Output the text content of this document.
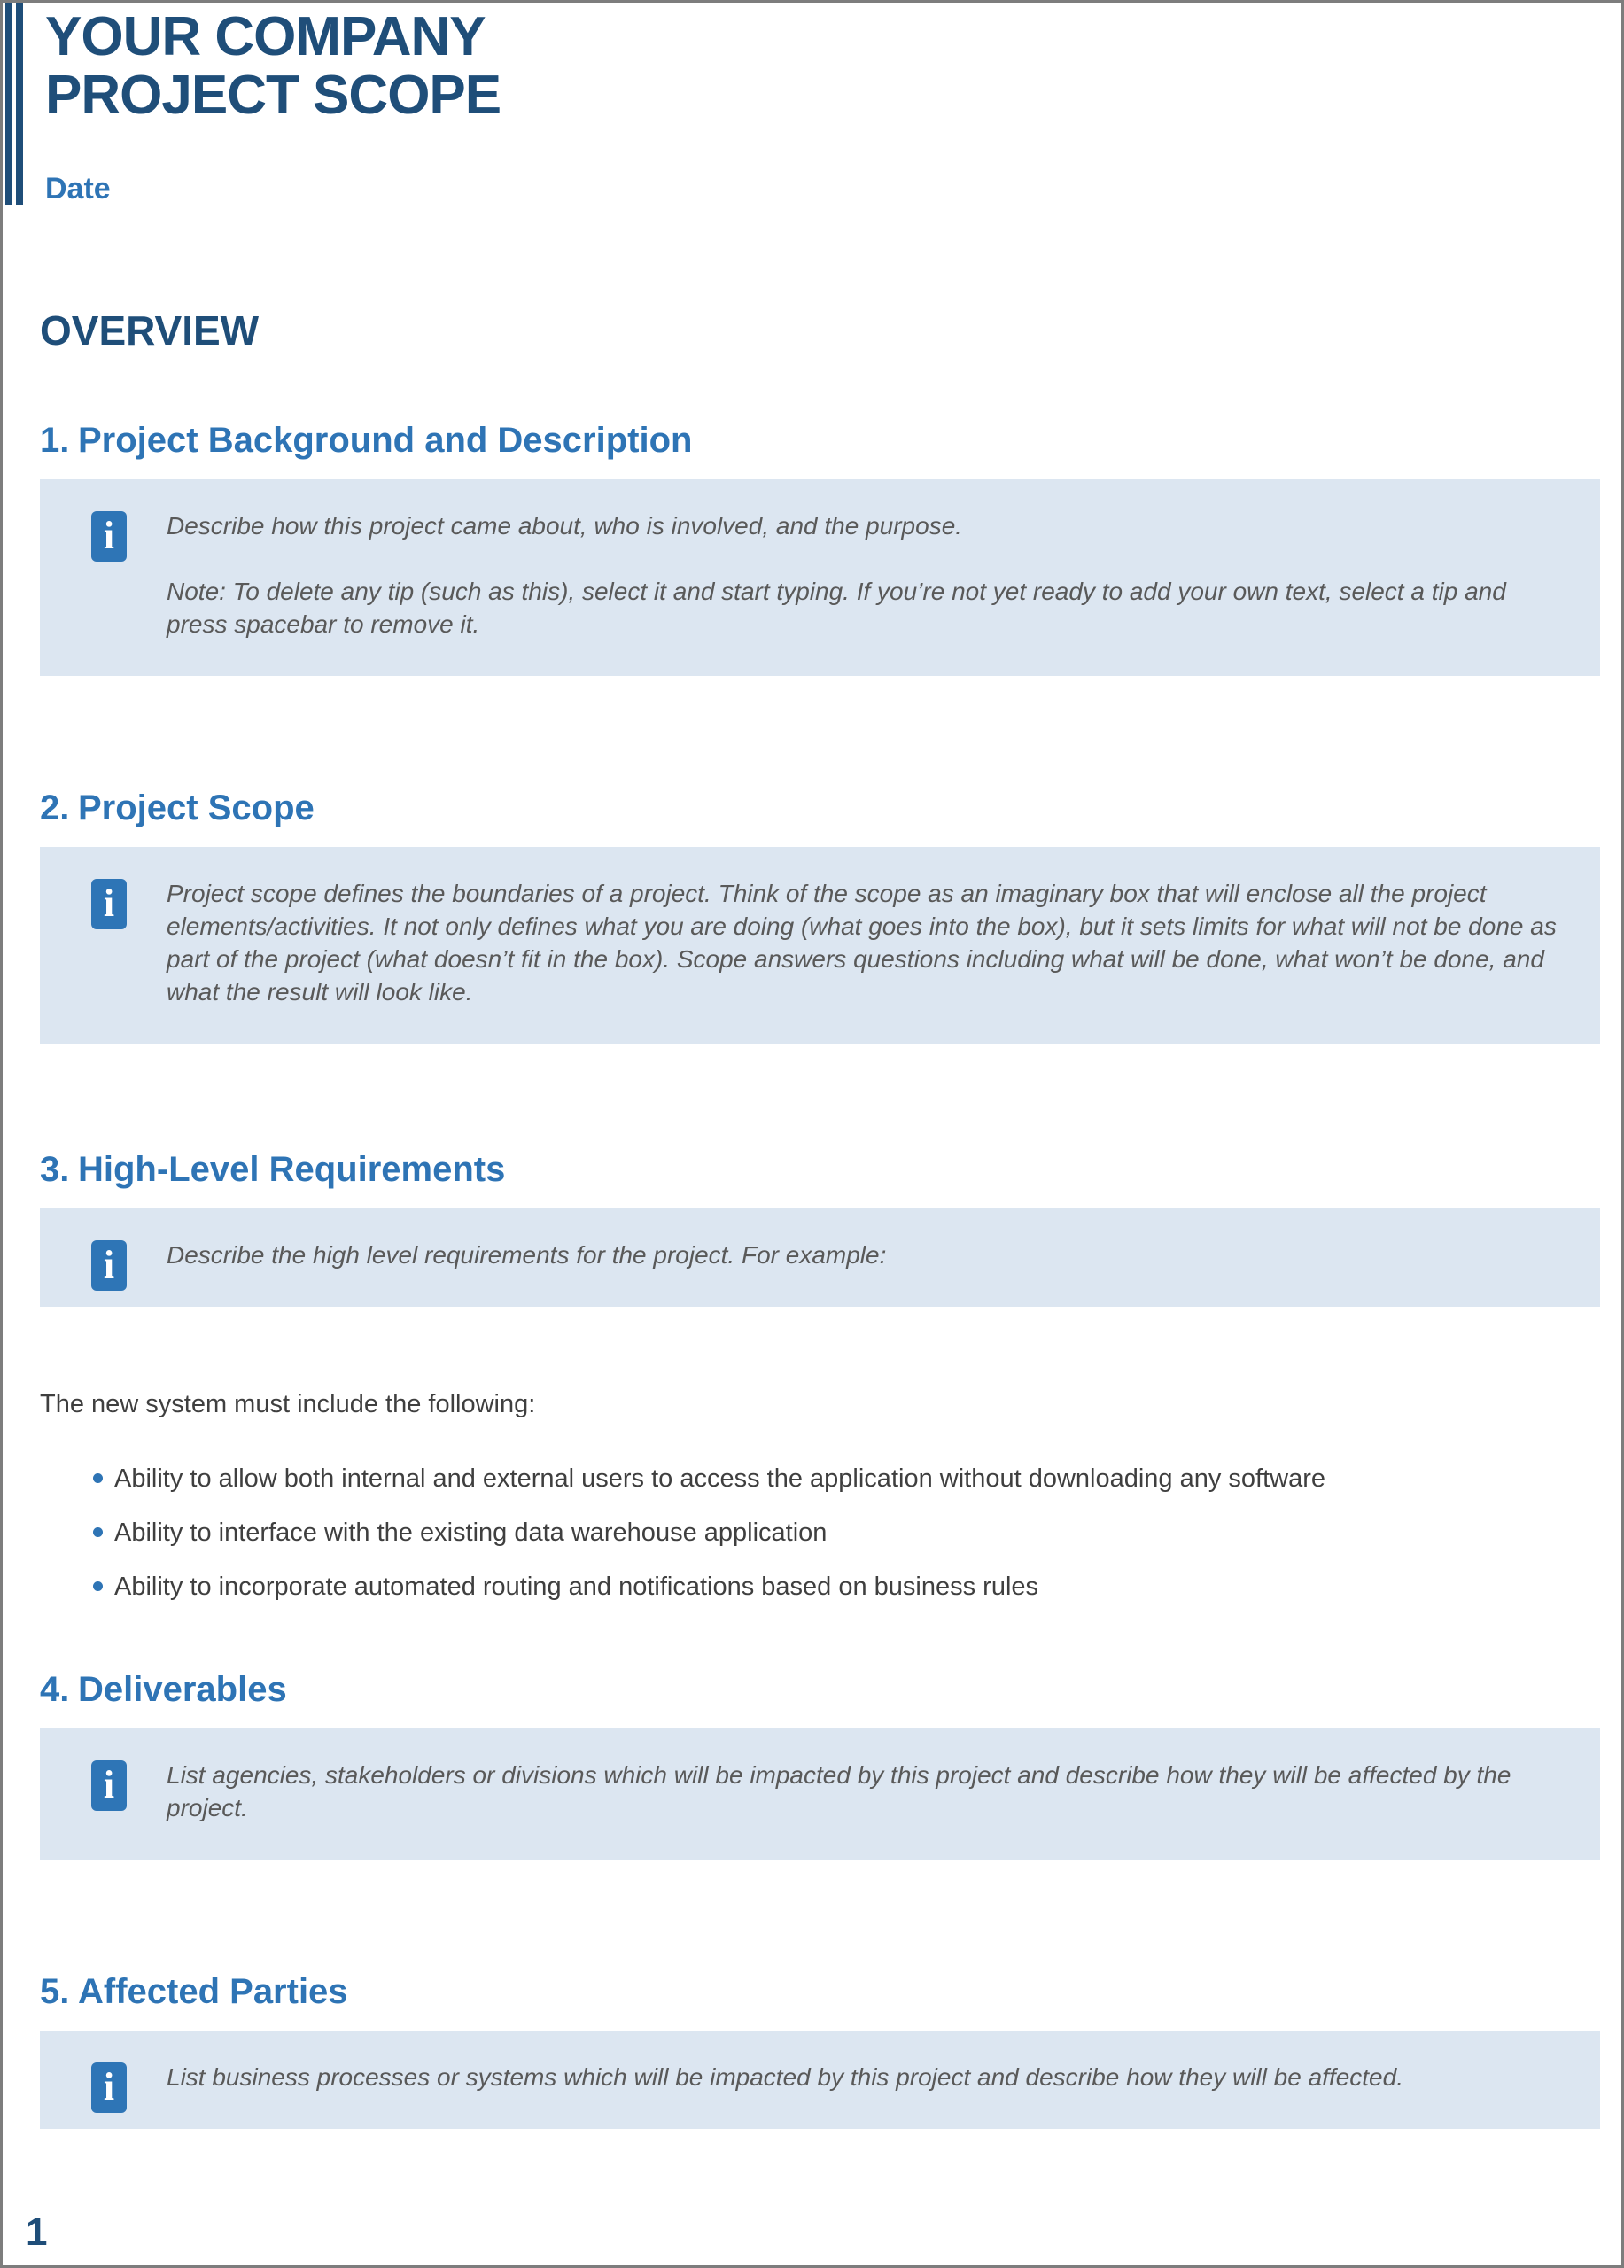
YOUR COMPANY
PROJECT SCOPE
Date
OVERVIEW
1. Project Background and Description
i	Describe how this project came about, who is involved, and the purpose.

Note: To delete any tip (such as this), select it and start typing. If you’re not yet ready to add your own text, select a tip and press spacebar to remove it.

2. Project Scope
i	Project scope defines the boundaries of a project. Think of the scope as an imaginary box that will enclose all the project elements/activities. It not only defines what you are doing (what goes into the box), but it sets limits for what will not be done as part of the project (what doesn’t fit in the box). Scope answers questions including what will be done, what won’t be done, and what the result will look like.

3. High-Level Requirements
i	Describe the high level requirements for the project. For example:

The new system must include the following:

Ability to allow both internal and external users to access the application without downloading any software
Ability to interface with the existing data warehouse application
Ability to incorporate automated routing and notifications based on business rules
4. Deliverables
i	List agencies, stakeholders or divisions which will be impacted by this project and describe how they will be affected by the project.

5. Affected Parties
i	List business processes or systems which will be impacted by this project and describe how they will be affected.

1
